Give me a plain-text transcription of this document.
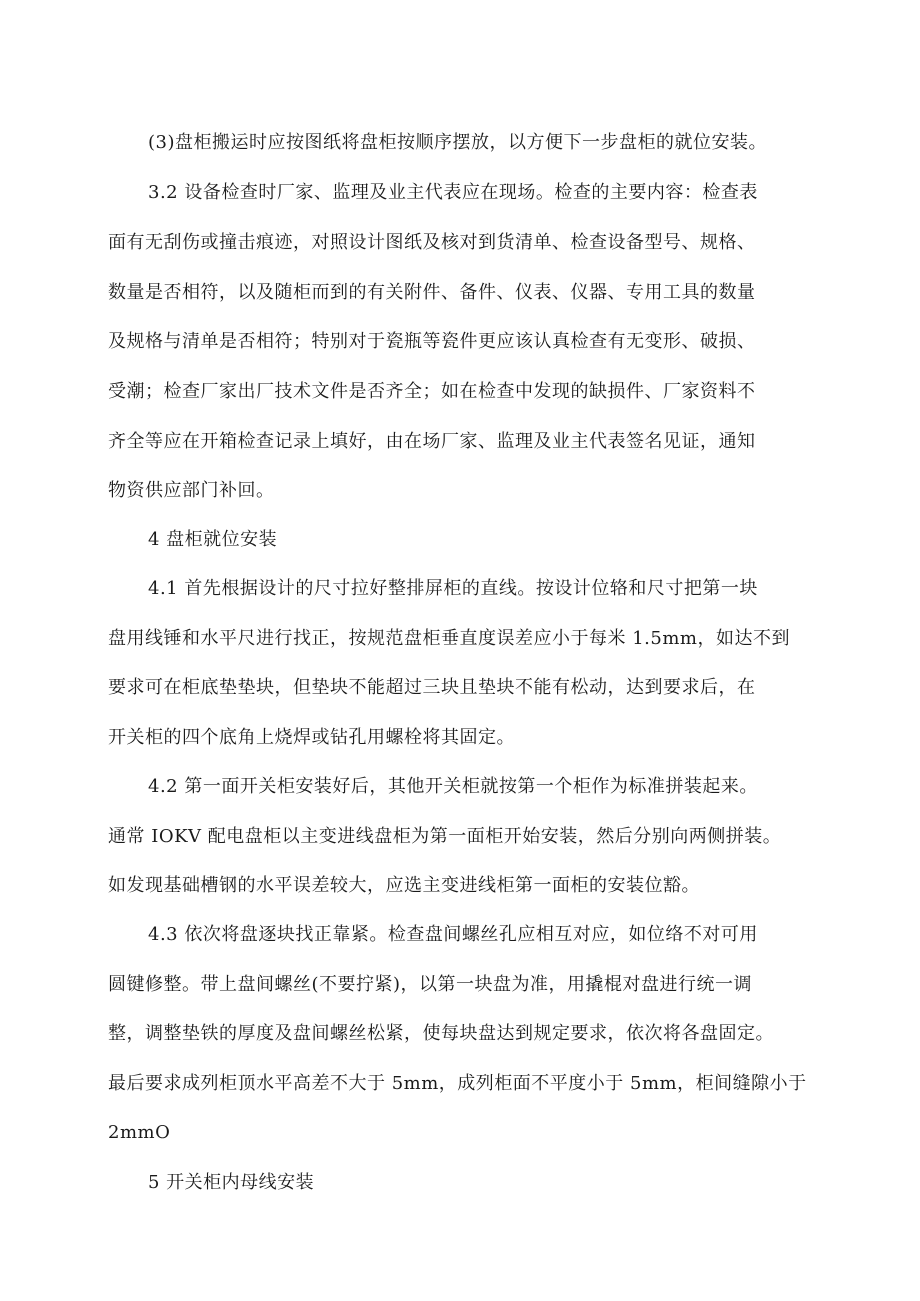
(3)盘柜搬运时应按图纸将盘柜按顺序摆放，以方便下一步盘柜的就位安装。
3.2 设备检查时厂家、监理及业主代表应在现场。检查的主要内容：检查表
面有无刮伤或撞击痕迹，对照设计图纸及核对到货清单、检查设备型号、规格、
数量是否相符，以及随柜而到的有关附件、备件、仪表、仪器、专用工具的数量
及规格与清单是否相符；特别对于瓷瓶等瓷件更应该认真检查有无变形、破损、
受潮；检查厂家出厂技术文件是否齐全；如在检查中发现的缺损件、厂家资料不
齐全等应在开箱检查记录上填好，由在场厂家、监理及业主代表签名见证，通知
物资供应部门补回。
4 盘柜就位安装
4.1 首先根据设计的尺寸拉好整排屏柜的直线。按设计位辂和尺寸把第一块
盘用线锤和水平尺进行找正，按规范盘柜垂直度误差应小于每米 1.5mm，如达不到
要求可在柜底垫垫块，但垫块不能超过三块且垫块不能有松动，达到要求后，在
开关柜的四个底角上烧焊或钻孔用螺栓将其固定。
4.2 第一面开关柜安装好后，其他开关柜就按第一个柜作为标准拼装起来。
通常 IOKV 配电盘柜以主变进线盘柜为第一面柜开始安装，然后分别向两侧拼装。
如发现基础槽钢的水平误差较大，应选主变进线柜第一面柜的安装位豁。
4.3 依次将盘逐块找正靠紧。检查盘间螺丝孔应相互对应，如位络不对可用
圆键修整。带上盘间螺丝(不要拧紧)，以第一块盘为准，用撬棍对盘进行统一调
整，调整垫铁的厚度及盘间螺丝松紧，使每块盘达到规定要求，依次将各盘固定。
最后要求成列柜顶水平高差不大于 5mm，成列柜面不平度小于 5mm，柜间缝隙小于
2mmO
5 开关柜内母线安装
